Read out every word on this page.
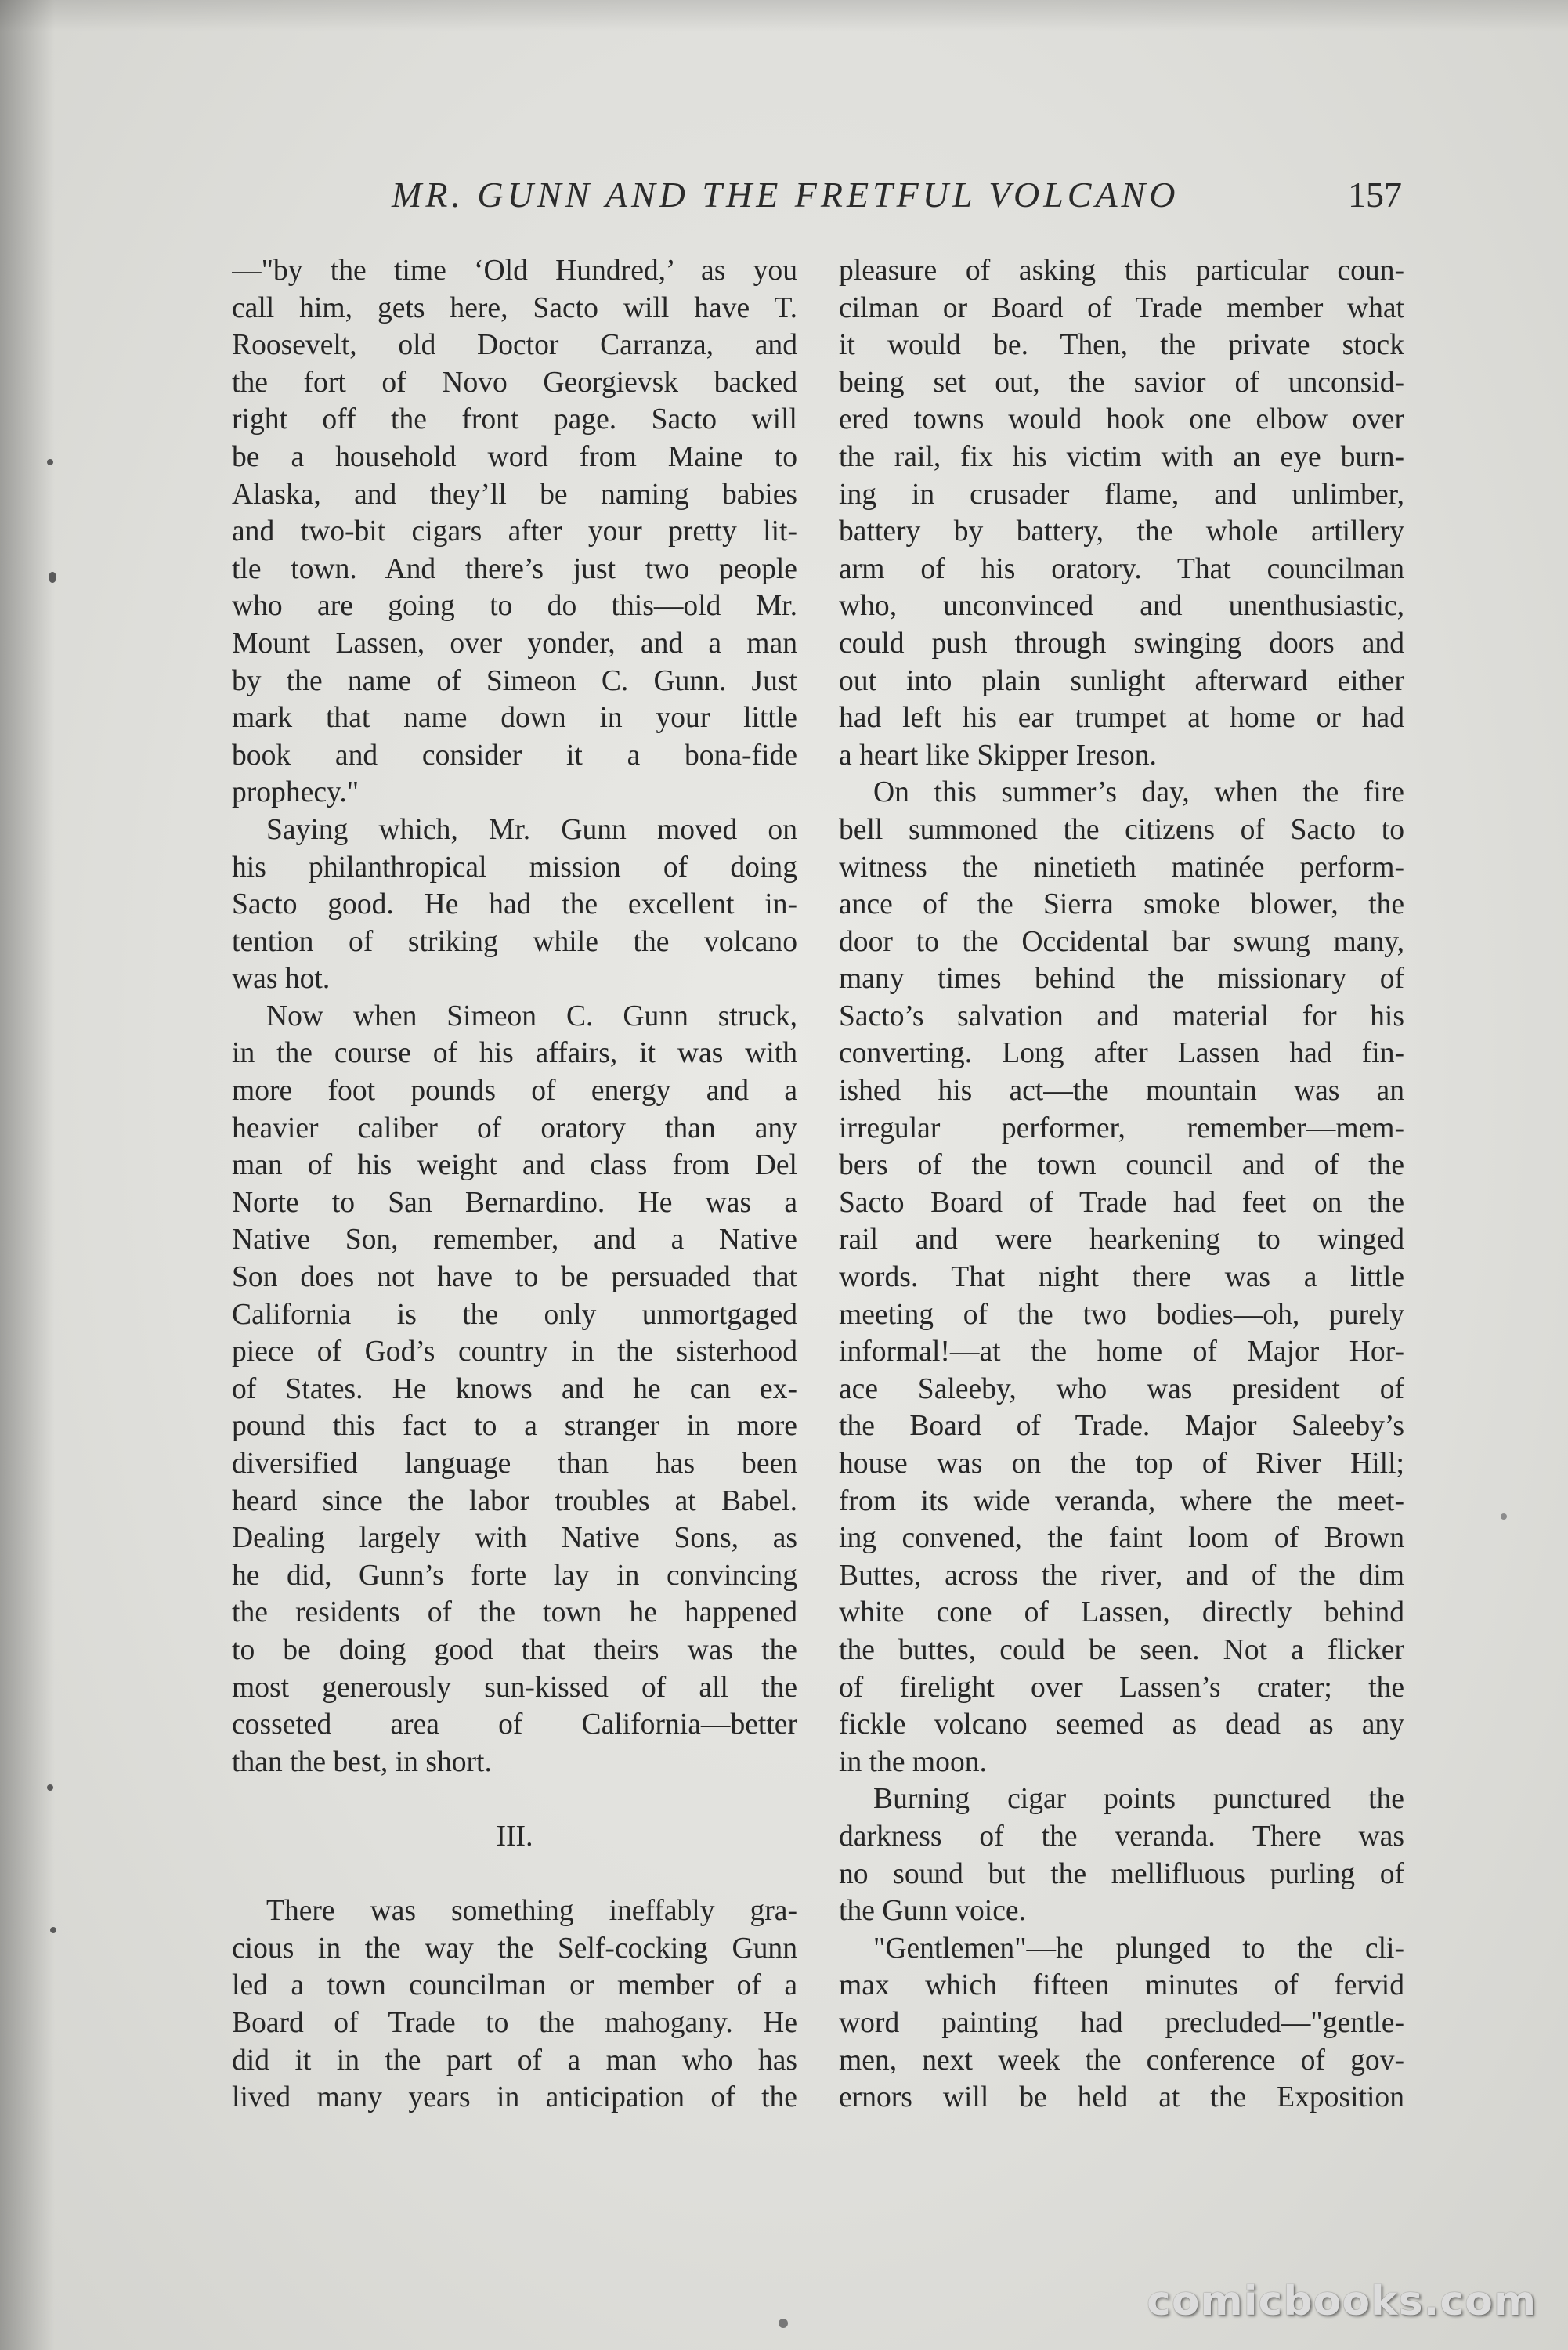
MR. GUNN AND THE FRETFUL VOLCANO	157
—"by the time ‘Old Hundred,’ as you
call him, gets here, Sacto will have T.
Roosevelt, old Doctor Carranza, and
the fort of Novo Georgievsk backed
right off the front page. Sacto will
be a household word from Maine to
Alaska, and they’ll be naming babies
and two-bit cigars after your pretty lit-
tle town. And there’s just two people
who are going to do this—old Mr.
Mount Lassen, over yonder, and a man
by the name of Simeon C. Gunn. Just
mark that name down in your little
book and consider it a bona-fide
prophecy."
Saying which, Mr. Gunn moved on
his philanthropical mission of doing
Sacto good. He had the excellent in-
tention of striking while the volcano
was hot.
Now when Simeon C. Gunn struck,
in the course of his affairs, it was with
more foot pounds of energy and a
heavier caliber of oratory than any
man of his weight and class from Del
Norte to San Bernardino. He was a
Native Son, remember, and a Native
Son does not have to be persuaded that
California is the only unmortgaged
piece of God’s country in the sisterhood
of States. He knows and he can ex-
pound this fact to a stranger in more
diversified language than has been
heard since the labor troubles at Babel.
Dealing largely with Native Sons, as
he did, Gunn’s forte lay in convincing
the residents of the town he happened
to be doing good that theirs was the
most generously sun-kissed of all the
cosseted area of California—better
than the best, in short.
III.
There was something ineffably gra-
cious in the way the Self-cocking Gunn
led a town councilman or member of a
Board of Trade to the mahogany. He
did it in the part of a man who has
lived many years in anticipation of the
pleasure of asking this particular coun-
cilman or Board of Trade member what
it would be. Then, the private stock
being set out, the savior of unconsid-
ered towns would hook one elbow over
the rail, fix his victim with an eye burn-
ing in crusader flame, and unlimber,
battery by battery, the whole artillery
arm of his oratory. That councilman
who, unconvinced and unenthusiastic,
could push through swinging doors and
out into plain sunlight afterward either
had left his ear trumpet at home or had
a heart like Skipper Ireson.
On this summer’s day, when the fire
bell summoned the citizens of Sacto to
witness the ninetieth matinée perform-
ance of the Sierra smoke blower, the
door to the Occidental bar swung many,
many times behind the missionary of
Sacto’s salvation and material for his
converting. Long after Lassen had fin-
ished his act—the mountain was an
irregular performer, remember—mem-
bers of the town council and of the
Sacto Board of Trade had feet on the
rail and were hearkening to winged
words. That night there was a little
meeting of the two bodies—oh, purely
informal!—at the home of Major Hor-
ace Saleeby, who was president of
the Board of Trade. Major Saleeby’s
house was on the top of River Hill;
from its wide veranda, where the meet-
ing convened, the faint loom of Brown
Buttes, across the river, and of the dim
white cone of Lassen, directly behind
the buttes, could be seen. Not a flicker
of firelight over Lassen’s crater; the
fickle volcano seemed as dead as any
in the moon.
Burning cigar points punctured the
darkness of the veranda. There was
no sound but the mellifluous purling of
the Gunn voice.
"Gentlemen"—he plunged to the cli-
max which fifteen minutes of fervid
word painting had precluded—"gentle-
men, next week the conference of gov-
ernors will be held at the Exposition
comicbooks.com
